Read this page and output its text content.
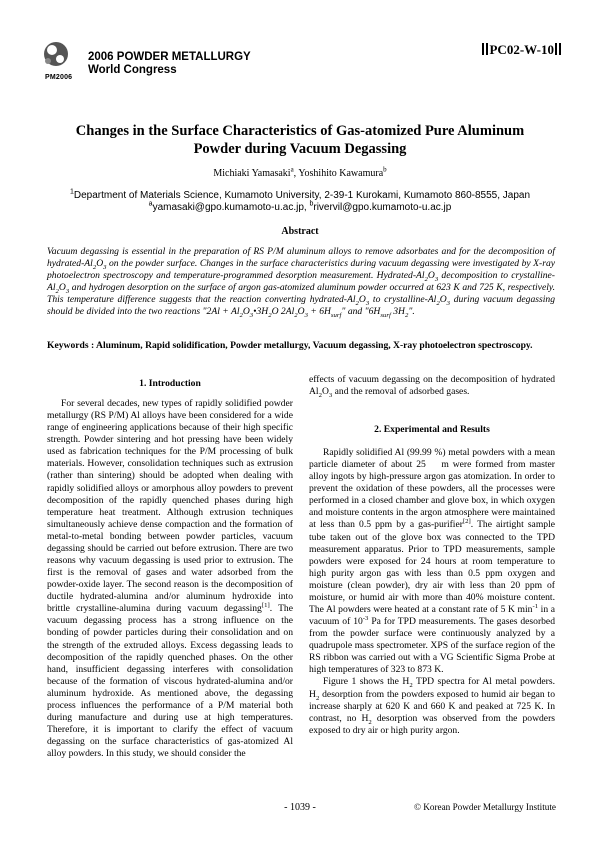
PM2006
2006 POWDER METALLURGY
World Congress
PC02-W-10
Changes in the Surface Characteristics of Gas-atomized Pure Aluminum
Powder during Vacuum Degassing
Michiaki Yamasaki$^a$, Yoshihito Kawamura$^b$
$^1$Department of Materials Science, Kumamoto University, 2-39-1 Kurokami, Kumamoto 860-8555, Japan
$^a$yamasaki@gpo.kumamoto-u.ac.jp, $^b$rivervil@gpo.kumamoto-u.ac.jp
Abstract

Vacuum degassing is essential in the preparation of RS P/M aluminum alloys to remove adsorbates and for the decomposition of hydrated-$Al_2O_3$ on the powder surface. Changes in the surface characteristics during vacuum degassing were investigated by X-ray photoelectron spectroscopy and temperature-programmed desorption measurement. Hydrated-$Al_2O_3$ decomposition to crystalline-$Al_2O_3$ and hydrogen desorption on the surface of argon gas-atomized aluminum powder occurred at 623 K and 725 K, respectively. This temperature difference suggests that the reaction converting hydrated-$Al_2O_3$ to crystalline-$Al_2O_3$ during vacuum degassing should be divided into the two reactions "$2Al + Al_2O_3•3H_2O$ $2Al_2O_3 + 6H_{surf}$" and "$6H_{surf}$ $3H_2$".

Keywords : Aluminum, Rapid solidification, Powder metallurgy, Vacuum degassing, X-ray photoelectron spectroscopy.

1. Introduction

For several decades, new types of rapidly solidified powder metallurgy (RS P/M) Al alloys have been considered for a wide range of engineering applications because of their high specific strength. Powder sintering and hot pressing have been widely used as fabrication techniques for the P/M processing of bulk materials. However, consolidation techniques such as extrusion (rather than sintering) should be adopted when dealing with rapidly solidified alloys or amorphous alloy powders to prevent decomposition of the rapidly quenched phases during high temperature heat treatment. Although extrusion techniques simultaneously achieve dense compaction and the formation of metal-to-metal bonding between powder particles, vacuum degassing should be carried out before extrusion. There are two reasons why vacuum degassing is used prior to extrusion. The first is the removal of gases and water adsorbed from the powder-oxide layer. The second reason is the decomposition of ductile hydrated-alumina and/or aluminum hydroxide into brittle crystalline-alumina during vacuum degassing[1]. The vacuum degassing process has a strong influence on the bonding of powder particles during their consolidation and on the strength of the extruded alloys. Excess degassing leads to decomposition of the rapidly quenched phases. On the other hand, insufficient degassing interferes with consolidation because of the formation of viscous hydrated-alumina and/or aluminum hydroxide. As mentioned above, the degassing process influences the performance of a P/M material both during manufacture and during use at high temperatures. Therefore, it is important to clarify the effect of vacuum degassing on the surface characteristics of gas-atomized Al alloy powders. In this study, we should consider the

effects of vacuum degassing on the decomposition of hydrated $Al_2O_3$ and the removal of adsorbed gases.

2. Experimental and Results

Rapidly solidified Al (99.99 %) metal powders with a mean particle diameter of about 25    m were formed from master alloy ingots by high-pressure argon gas atomization. In order to prevent the oxidation of these powders, all the processes were performed in a closed chamber and glove box, in which oxygen and moisture contents in the argon atmosphere were maintained at less than 0.5 ppm by a gas-purifier[2]. The airtight sample tube taken out of the glove box was connected to the TPD measurement apparatus. Prior to TPD measurements, sample powders were exposed for 24 hours at room temperature to high purity argon gas with less than 0.5 ppm oxygen and moisture (clean powder), dry air with less than 20 ppm of moisture, or humid air with more than 40% moisture content. The Al powders were heated at a constant rate of 5 K $\min^{-1}$ in a vacuum of $10^{-3}$ Pa for TPD measurements. The gases desorbed from the powder surface were continuously analyzed by a quadrupole mass spectrometer. XPS of the surface region of the RS ribbon was carried out with a VG Scientific Sigma Probe at high temperatures of 323 to 873 K.

Figure 1 shows the $H_2$ TPD spectra for Al metal powders. $H_2$ desorption from the powders exposed to humid air began to increase sharply at 620 K and 660 K and peaked at 725 K. In contrast, no $H_2$ desorption was observed from the powders exposed to dry air or high purity argon.

- 1039 -	© Korean Powder Metallurgy Institute
